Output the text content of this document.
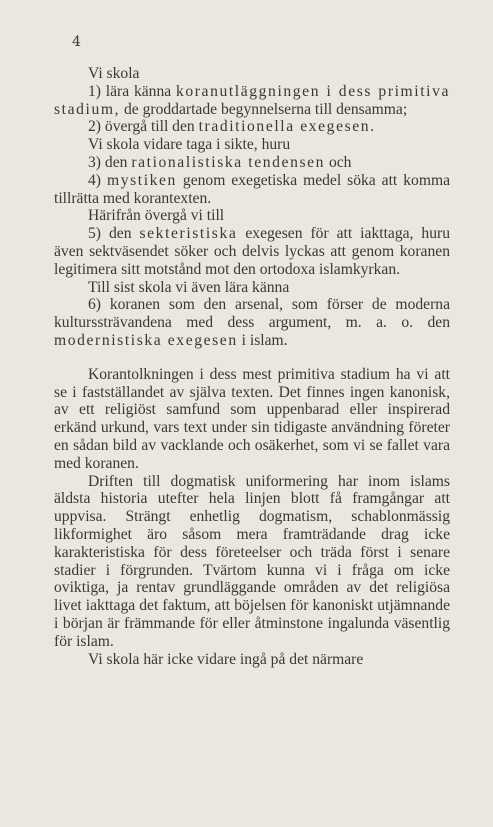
4

Vi skola

1) lära känna koranutläggningen i dess primitiva stadium, de groddartade begynnelserna till densamma;

2) övergå till den traditionella exegesen.

Vi skola vidare taga i sikte, huru

3) den rationalistiska tendensen och

4) mystiken genom exegetiska medel söka att komma tillrätta med korantexten.

Härifrån övergå vi till

5) den sekteristiska exegesen för att iakttaga, huru även sektväsendet söker och delvis lyckas att genom koranen legitimera sitt motstånd mot den ortodoxa islamkyrkan.

Till sist skola vi även lära känna

6) koranen som den arsenal, som förser de moderna kulturssträvandena med dess argument, m. a. o. den modernistiska exegesen i islam.

Korantolkningen i dess mest primitiva stadium ha vi att se i fastställandet av själva texten. Det finnes ingen kanonisk, av ett religiöst samfund som uppenbarad eller inspirerad erkänd urkund, vars text under sin tidigaste användning företer en sådan bild av vacklande och osäkerhet, som vi se fallet vara med koranen.

Driften till dogmatisk uniformering har inom islams äldsta historia utefter hela linjen blott få framgångar att uppvisa. Strängt enhetlig dogmatism, schablonmässig likformighet äro såsom mera framträdande drag icke karakteristiska för dess företeelser och träda först i senare stadier i förgrunden. Tvärtom kunna vi i fråga om icke oviktiga, ja rentav grundläggande områden av det religiösa livet iakttaga det faktum, att böjelsen för kanoniskt utjämnande i början är främmande för eller åtminstone ingalunda väsentlig för islam.

Vi skola här icke vidare ingå på det närmare
